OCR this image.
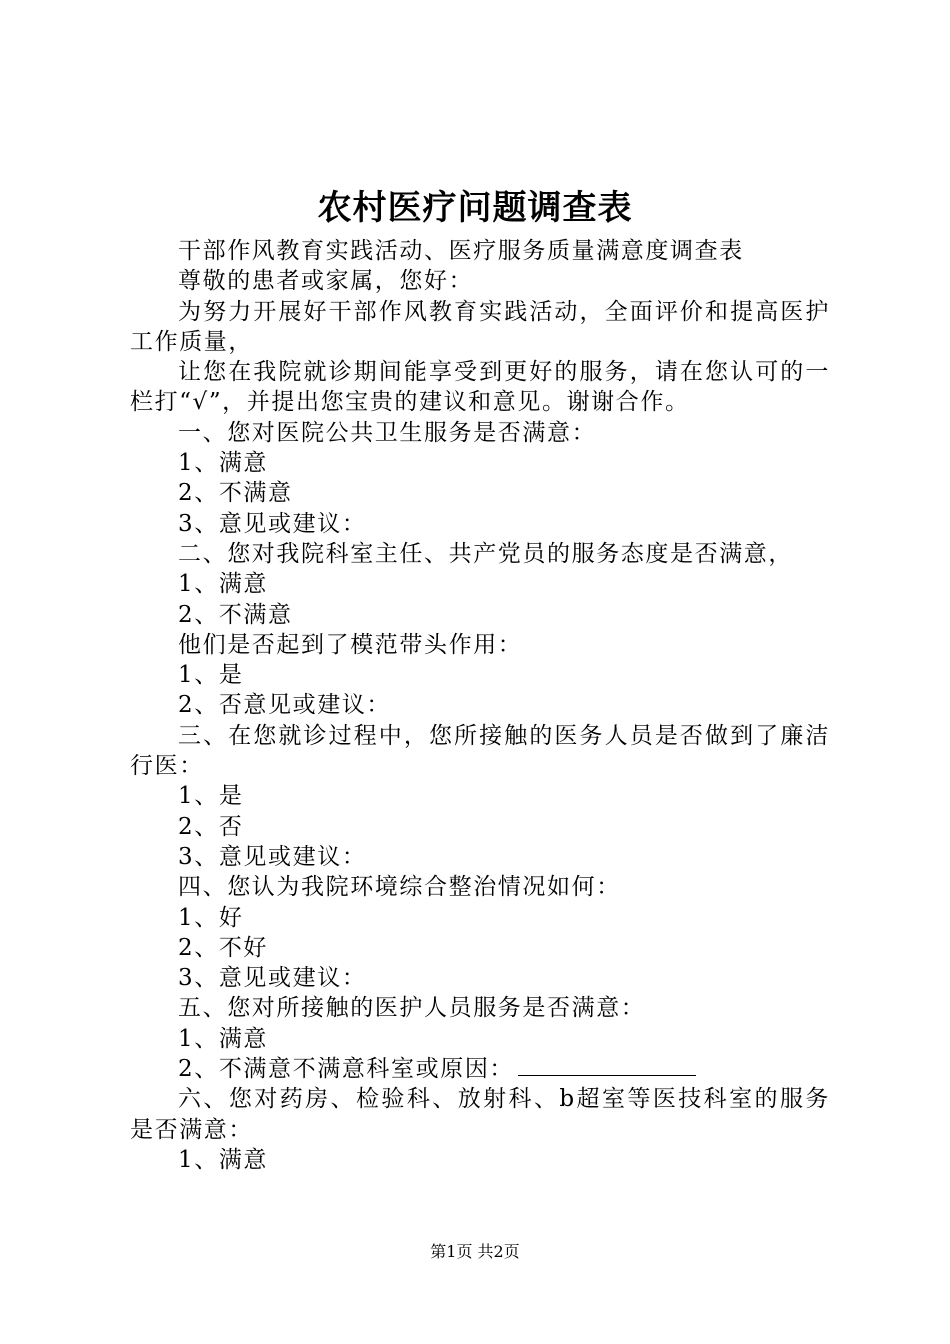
农村医疗问题调查表

干部作风教育实践活动、医疗服务质量满意度调查表

尊敬的患者或家属，您好：

为努力开展好干部作风教育实践活动，全面评价和提高医护工作质量，

让您在我院就诊期间能享受到更好的服务，请在您认可的一栏打“√”，并提出您宝贵的建议和意见。谢谢合作。

一、您对医院公共卫生服务是否满意：

1、满意

2、不满意

3、意见或建议：

二、您对我院科室主任、共产党员的服务态度是否满意，

1、满意

2、不满意

他们是否起到了模范带头作用：

1、是

2、否意见或建议：

三、在您就诊过程中，您所接触的医务人员是否做到了廉洁行医：

1、是

2、否

3、意见或建议：

四、您认为我院环境综合整治情况如何：

1、好

2、不好

3、意见或建议：

五、您对所接触的医护人员服务是否满意：

1、满意

2、不满意不满意科室或原因：

六、您对药房、检验科、放射科、b超室等医技科室的服务是否满意：

1、满意

第1页 共2页
